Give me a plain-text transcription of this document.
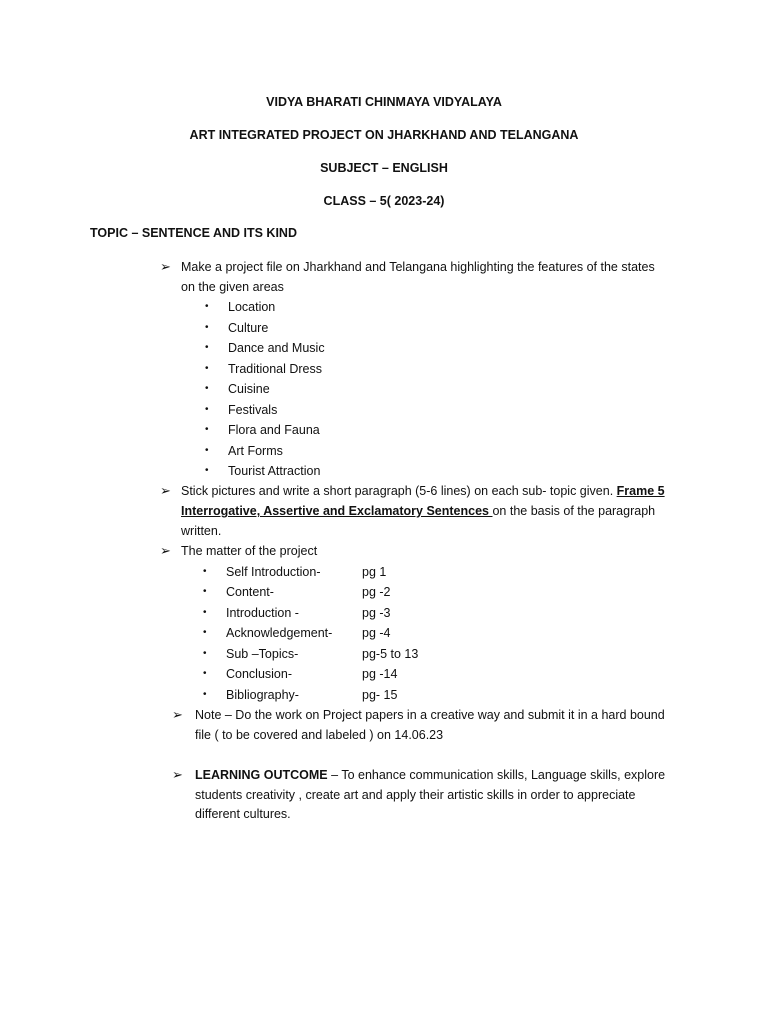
VIDYA BHARATI CHINMAYA VIDYALAYA
ART INTEGRATED PROJECT ON JHARKHAND AND TELANGANA
SUBJECT – ENGLISH
CLASS – 5( 2023-24)
TOPIC – SENTENCE AND ITS KIND
➢ Make a project file on Jharkhand and Telangana highlighting the features of the states
on the given areas
• Location
• Culture
• Dance and Music
• Traditional Dress
• Cuisine
• Festivals
• Flora and Fauna
• Art Forms
• Tourist Attraction
➢ Stick pictures and write a short paragraph (5-6 lines) on each sub- topic given. Frame 5
Interrogative, Assertive and Exclamatory Sentences on the basis of the paragraph
written.
➢ The matter of the project
• Self Introduction-	pg 1
• Content-	pg -2
• Introduction -	pg -3
• Acknowledgement- pg -4
• Sub –Topics-	pg-5 to 13
• Conclusion-	pg -14
• Bibliography-	pg- 15
➢ Note – Do the work on Project papers in a creative way and submit it in a hard bound
file ( to be covered and labeled ) on 14.06.23
➢ LEARNING OUTCOME – To enhance communication skills, Language skills, explore
students creativity , create art and apply their artistic skills in order to appreciate
different cultures.
